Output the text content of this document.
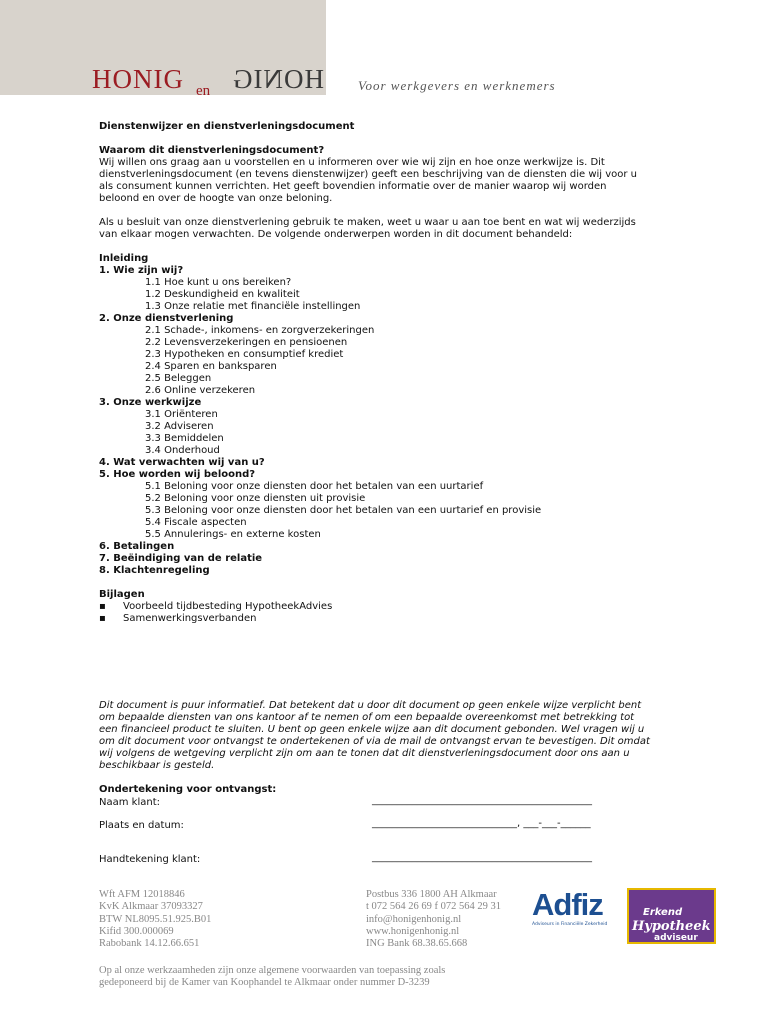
HONIG en HONIG	Voor werkgevers en werknemers

Dienstenwijzer en dienstverleningsdocument

Waarom dit dienstverleningsdocument?

Wij willen ons graag aan u voorstellen en u informeren over wie wij zijn en hoe onze werkwijze is. Dit

dienstverleningsdocument (en tevens dienstenwijzer) geeft een beschrijving van de diensten die wij voor u

als consument kunnen verrichten. Het geeft bovendien informatie over de manier waarop wij worden

beloond en over de hoogte van onze beloning.

Als u besluit van onze dienstverlening gebruik te maken, weet u waar u aan toe bent en wat wij wederzijds

van elkaar mogen verwachten. De volgende onderwerpen worden in dit document behandeld:

Inleiding

1. Wie zijn wij?

1.1 Hoe kunt u ons bereiken?

1.2 Deskundigheid en kwaliteit

1.3 Onze relatie met financiële instellingen

2. Onze dienstverlening

2.1 Schade-, inkomens- en zorgverzekeringen

2.2 Levensverzekeringen en pensioenen

2.3 Hypotheken en consumptief krediet

2.4 Sparen en banksparen

2.5 Beleggen

2.6 Online verzekeren

3. Onze werkwijze

3.1 Oriënteren

3.2 Adviseren

3.3 Bemiddelen

3.4 Onderhoud

4. Wat verwachten wij van u?

5. Hoe worden wij beloond?

5.1 Beloning voor onze diensten door het betalen van een uurtarief

5.2 Beloning voor onze diensten uit provisie

5.3 Beloning voor onze diensten door het betalen van een uurtarief en provisie

5.4 Fiscale aspecten

5.5 Annulerings- en externe kosten

6. Betalingen

7. Beëindiging van de relatie

8. Klachtenregeling

Bijlagen

▪	Voorbeeld tijdbesteding HypotheekAdvies
▪	Samenwerkingsverbanden

Dit document is puur informatief. Dat betekent dat u door dit document op geen enkele wijze verplicht bent

om bepaalde diensten van ons kantoor af te nemen of om een bepaalde overeenkomst met betrekking tot

een financieel product te sluiten. U bent op geen enkele wijze aan dit document gebonden. Wel vragen wij u

om dit document voor ontvangst te ondertekenen of via de mail de ontvangst ervan te bevestigen. Dit omdat

wij volgens de wetgeving verplicht zijn om aan te tonen dat dit dienstverleningsdocument door ons aan u

beschikbaar is gesteld.

Ondertekening voor ontvangst:
Naam klant:	____________________________________________
Plaats en datum:	_____________________________, ___-___-______
Handtekening klant:	____________________________________________
Wft AFM 12018846
KvK Alkmaar 37093327
BTW NL8095.51.925.B01
Kifid 300.000069
Rabobank 14.12.66.651
Postbus 336 1800 AH Alkmaar
t 072 564 26 69 f 072 564 29 31
info@honigenhonig.nl
www.honigenhonig.nl
ING Bank 68.38.65.668
Op al onze werkzaamheden zijn onze algemene voorwaarden van toepassing zoals
gedeponeerd bij de Kamer van Koophandel te Alkmaar onder nummer D-3239
Adfiz
Adviseurs in Financiële Zekerheid
Erkend
Hypotheek
adviseur
